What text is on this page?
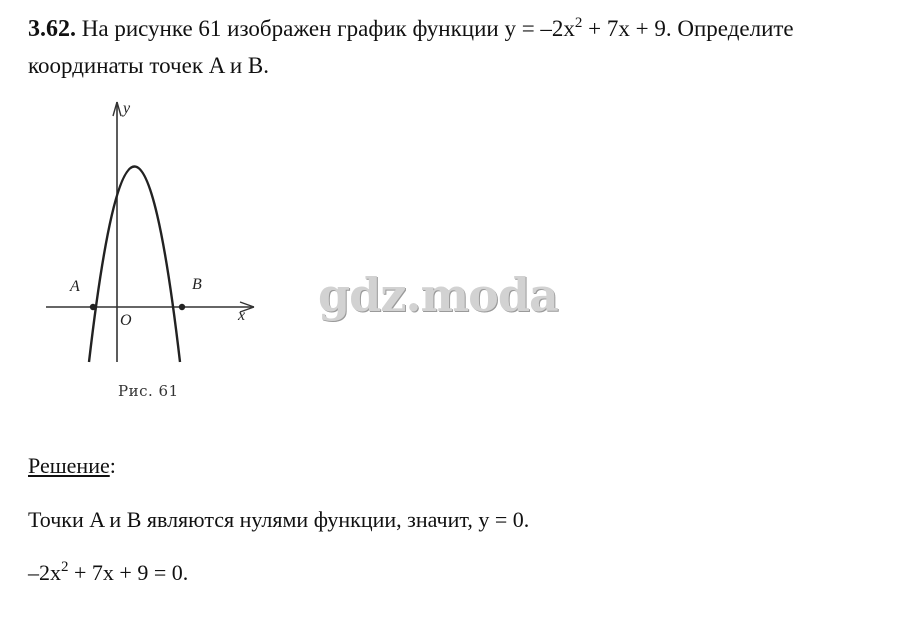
3.62. На рисунке 61 изображен график функции $y = -2x^2 + 7x + 9$. Определите координаты точек A и B.
y
x
O
A	B
Рис. 61
gdz.moda
Решение:
Точки A и B являются нулями функции, значит, y = 0.
$-2x^2 + 7x + 9 = 0$.
